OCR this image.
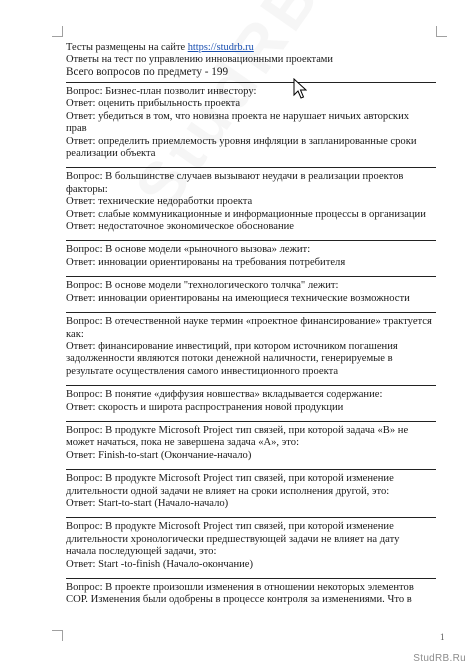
Тесты размещены на сайте https://studrb.ru
Ответы на тест по управлению инновационными проектами
Всего вопросов по предмету - 199
Вопрос: Бизнес-план позволит инвестору:
Ответ: оценить прибыльность проекта
Ответ: убедиться в том, что новизна проекта не нарушает ничьих авторских
прав
Ответ: определить приемлемость уровня инфляции в запланированные сроки
реализации объекта
Вопрос: В большинстве случаев вызывают неудачи в реализации проектов
факторы:
Ответ: технические недоработки проекта
Ответ: слабые коммуникационные и информационные процессы в организации
Ответ: недостаточное экономическое обоснование
Вопрос: В основе модели «рыночного вызова» лежит:
Ответ: инновации ориентированы на требования потребителя
Вопрос: В основе модели "технологического толчка" лежит:
Ответ: инновации ориентированы на имеющиеся технические возможности
Вопрос: В отечественной науке термин «проектное финансирование» трактуется
как:
Ответ: финансирование инвестиций, при котором источником погашения
задолженности являются потоки денежной наличности, генерируемые в
результате осуществления самого инвестиционного проекта
Вопрос: В понятие «диффузия новшества» вкладывается содержание:
Ответ: скорость и широта распространения новой продукции
Вопрос: В продукте Microsoft Project тип связей, при которой задача «В» не
может начаться, пока не завершена задача «А», это:
Ответ: Finish-to-start (Окончание-начало)
Вопрос: В продукте Microsoft Project тип связей, при которой изменение
длительности одной задачи не влияет на сроки исполнения другой, это:
Ответ: Start-to-start (Начало-начало)
Вопрос: В продукте Microsoft Project тип связей, при которой изменение
длительности хронологически предшествующей задачи не влияет на дату
начала последующей задачи, это:
Ответ: Start -to-finish (Начало-окончание)
Вопрос: В проекте произошли изменения в отношении некоторых элементов
СОР. Изменения были одобрены в процессе контроля за изменениями. Что в
1
StudRB.Ru
